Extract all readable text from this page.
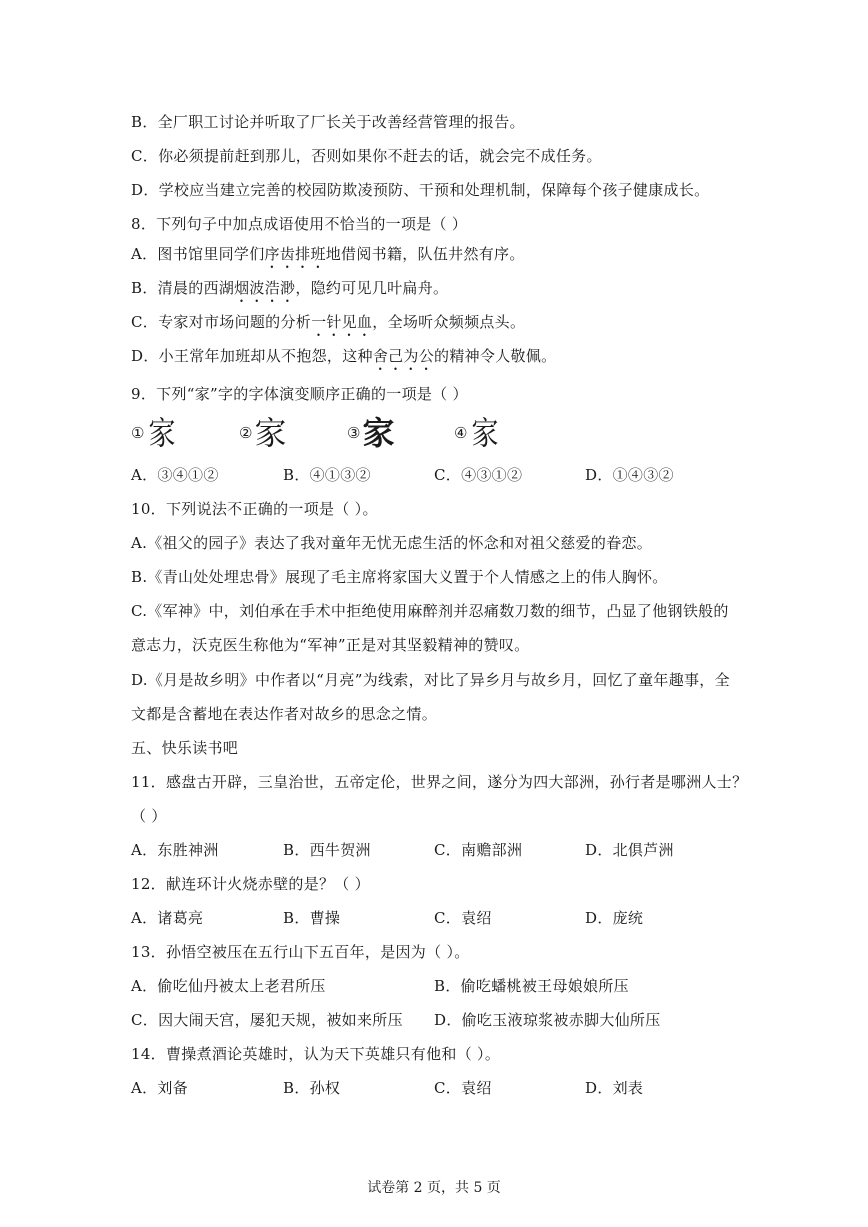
B．全厂职工讨论并听取了厂长关于改善经营管理的报告。
C．你必须提前赶到那儿，否则如果你不赶去的话，就会完不成任务。
D．学校应当建立完善的校园防欺凌预防、干预和处理机制，保障每个孩子健康成长。
8．下列句子中加点成语使用不恰当的一项是（ ）
A．图书馆里同学们序齿排班地借阅书籍，队伍井然有序。
B．清晨的西湖烟波浩渺，隐约可见几叶扁舟。
C．专家对市场问题的分析一针见血，全场听众频频点头。
D．小王常年加班却从不抱怨，这种舍己为公的精神令人敬佩。
9．下列“家”字的字体演变顺序正确的一项是（ ）
① 家	② 家	③ 家	④ 家
A．③④①②	B．④①③②	C．④③①②	D．①④③②
10．下列说法不正确的一项是（ ）。
A.《祖父的园子》表达了我对童年无忧无虑生活的怀念和对祖父慈爱的眷恋。
B.《青山处处埋忠骨》展现了毛主席将家国大义置于个人情感之上的伟人胸怀。
C.《军神》中，刘伯承在手术中拒绝使用麻醉剂并忍痛数刀数的细节，凸显了他钢铁般的
意志力，沃克医生称他为“军神”正是对其坚毅精神的赞叹。
D.《月是故乡明》中作者以“月亮”为线索，对比了异乡月与故乡月，回忆了童年趣事，全
文都是含蓄地在表达作者对故乡的思念之情。
五、快乐读书吧
11．感盘古开辟，三皇治世，五帝定伦，世界之间，遂分为四大部洲，孙行者是哪洲人士？
（ ）
A．东胜神洲	B．西牛贺洲	C．南赡部洲	D．北俱芦洲
12．献连环计火烧赤壁的是？（ ）
A．诸葛亮	B．曹操	C．袁绍	D．庞统
13．孙悟空被压在五行山下五百年，是因为（ ）。
A．偷吃仙丹被太上老君所压	B．偷吃蟠桃被王母娘娘所压
C．因大闹天宫，屡犯天规，被如来所压 D．偷吃玉液琼浆被赤脚大仙所压
14．曹操煮酒论英雄时，认为天下英雄只有他和（ ）。
A．刘备	B．孙权	C．袁绍	D．刘表
试卷第 2 页，共 5 页
